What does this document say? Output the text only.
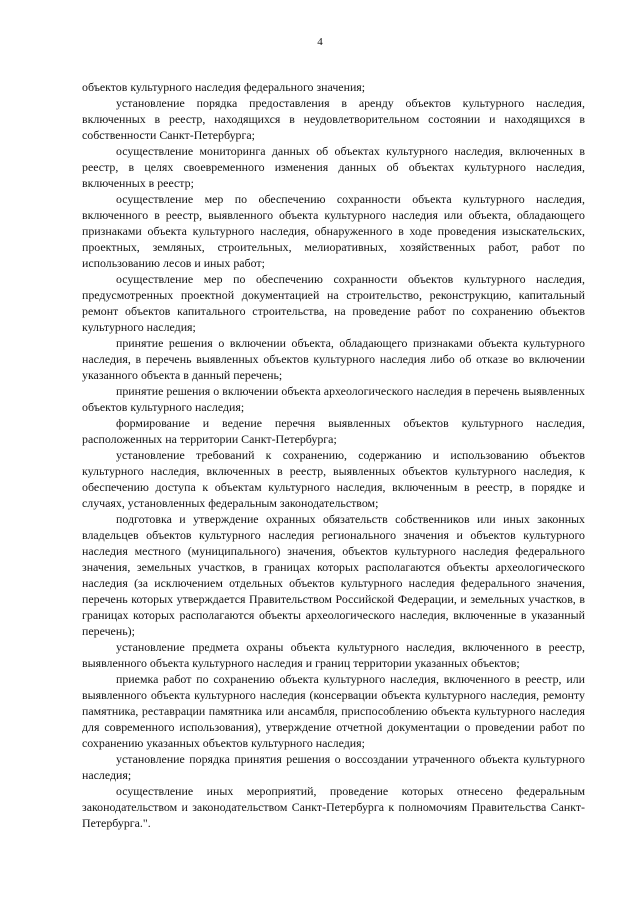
4

объектов культурного наследия федерального значения;

установление порядка предоставления в аренду объектов культурного наследия, включенных в реестр, находящихся в неудовлетворительном состоянии и находящихся в собственности Санкт-Петербурга;

осуществление мониторинга данных об объектах культурного наследия, включенных в реестр, в целях своевременного изменения данных об объектах культурного наследия, включенных в реестр;

осуществление мер по обеспечению сохранности объекта культурного наследия, включенного в реестр, выявленного объекта культурного наследия или объекта, обладающего признаками объекта культурного наследия, обнаруженного в ходе проведения изыскательских, проектных, земляных, строительных, мелиоративных, хозяйственных работ, работ по использованию лесов и иных работ;

осуществление мер по обеспечению сохранности объектов культурного наследия, предусмотренных проектной документацией на строительство, реконструкцию, капитальный ремонт объектов капитального строительства, на проведение работ по сохранению объектов культурного наследия;

принятие решения о включении объекта, обладающего признаками объекта культурного наследия, в перечень выявленных объектов культурного наследия либо об отказе во включении указанного объекта в данный перечень;

принятие решения о включении объекта археологического наследия в перечень выявленных объектов культурного наследия;

формирование и ведение перечня выявленных объектов культурного наследия, расположенных на территории Санкт-Петербурга;

установление требований к сохранению, содержанию и использованию объектов культурного наследия, включенных в реестр, выявленных объектов культурного наследия, к обеспечению доступа к объектам культурного наследия, включенным в реестр, в порядке и случаях, установленных федеральным законодательством;

подготовка и утверждение охранных обязательств собственников или иных законных владельцев объектов культурного наследия регионального значения и объектов культурного наследия местного (муниципального) значения, объектов культурного наследия федерального значения, земельных участков, в границах которых располагаются объекты археологического наследия (за исключением отдельных объектов культурного наследия федерального значения, перечень которых утверждается Правительством Российской Федерации, и земельных участков, в границах которых располагаются объекты археологического наследия, включенные в указанный перечень);

установление предмета охраны объекта культурного наследия, включенного в реестр, выявленного объекта культурного наследия и границ территории указанных объектов;

приемка работ по сохранению объекта культурного наследия, включенного в реестр, или выявленного объекта культурного наследия (консервации объекта культурного наследия, ремонту памятника, реставрации памятника или ансамбля, приспособлению объекта культурного наследия для современного использования), утверждение отчетной документации о проведении работ по сохранению указанных объектов культурного наследия;

установление порядка принятия решения о воссоздании утраченного объекта культурного наследия;

осуществление иных мероприятий, проведение которых отнесено федеральным законодательством и законодательством Санкт-Петербурга к полномочиям Правительства Санкт-Петербурга.".
